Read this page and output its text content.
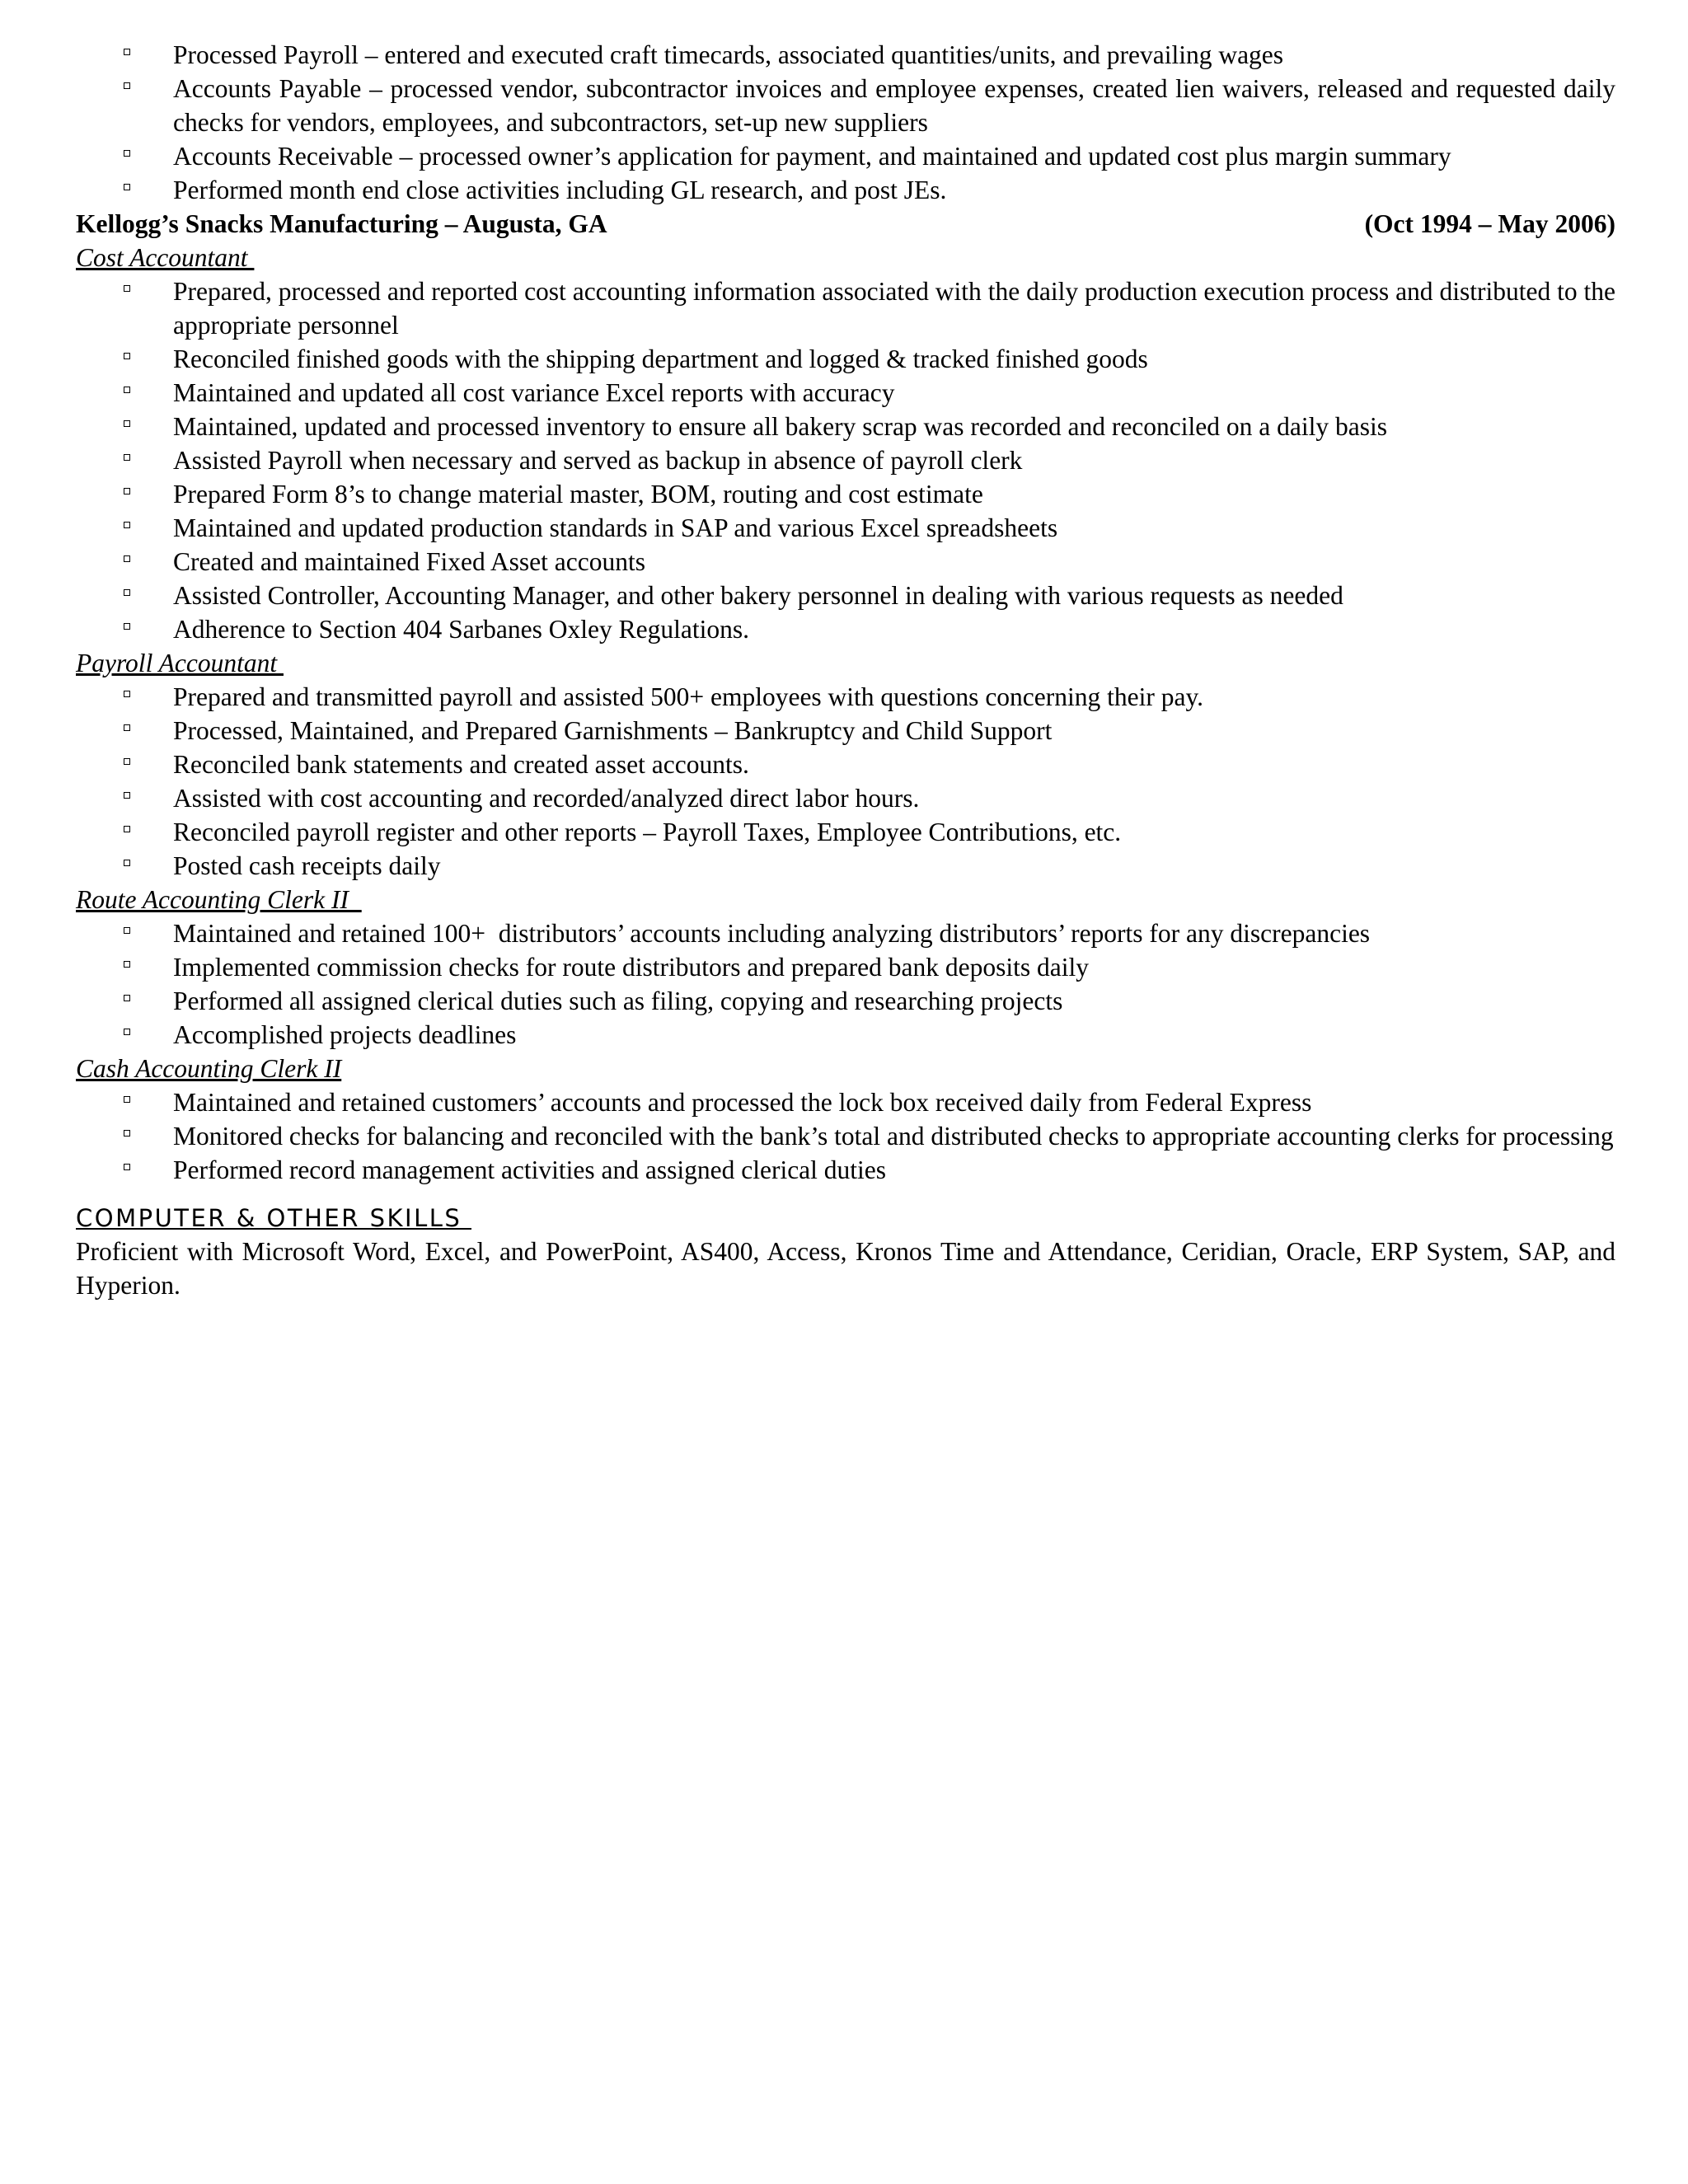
Processed Payroll – entered and executed craft timecards, associated quantities/units, and prevailing wages
Accounts Payable – processed vendor, subcontractor invoices and employee expenses, created lien waivers, released and requested daily checks for vendors, employees, and subcontractors, set-up new suppliers
Accounts Receivable – processed owner’s application for payment, and maintained and updated cost plus margin summary
Performed month end close activities including GL research, and post JEs.
Kellogg’s Snacks Manufacturing – Augusta, GA	(Oct 1994 – May 2006)
Cost Accountant
Prepared, processed and reported cost accounting information associated with the daily production execution process and distributed to the appropriate personnel
Reconciled finished goods with the shipping department and logged & tracked finished goods
Maintained and updated all cost variance Excel reports with accuracy
Maintained, updated and processed inventory to ensure all bakery scrap was recorded and reconciled on a daily basis
Assisted Payroll when necessary and served as backup in absence of payroll clerk
Prepared Form 8’s to change material master, BOM, routing and cost estimate
Maintained and updated production standards in SAP and various Excel spreadsheets
Created and maintained Fixed Asset accounts
Assisted Controller, Accounting Manager, and other bakery personnel in dealing with various requests as needed
Adherence to Section 404 Sarbanes Oxley Regulations.
Payroll Accountant
Prepared and transmitted payroll and assisted 500+ employees with questions concerning their pay.
Processed, Maintained, and Prepared Garnishments – Bankruptcy and Child Support
Reconciled bank statements and created asset accounts.
Assisted with cost accounting and recorded/analyzed direct labor hours.
Reconciled payroll register and other reports – Payroll Taxes, Employee Contributions, etc.
Posted cash receipts daily
Route Accounting Clerk II
Maintained and retained 100+  distributors’ accounts including analyzing distributors’ reports for any discrepancies
Implemented commission checks for route distributors and prepared bank deposits daily
Performed all assigned clerical duties such as filing, copying and researching projects
Accomplished projects deadlines
Cash Accounting Clerk II
Maintained and retained customers’ accounts and processed the lock box received daily from Federal Express
Monitored checks for balancing and reconciled with the bank’s total and distributed checks to appropriate accounting clerks for processing
Performed record management activities and assigned clerical duties
COMPUTER & OTHER SKILLS
Proficient with Microsoft Word, Excel, and PowerPoint, AS400, Access, Kronos Time and Attendance, Ceridian, Oracle, ERP System, SAP, and Hyperion.
